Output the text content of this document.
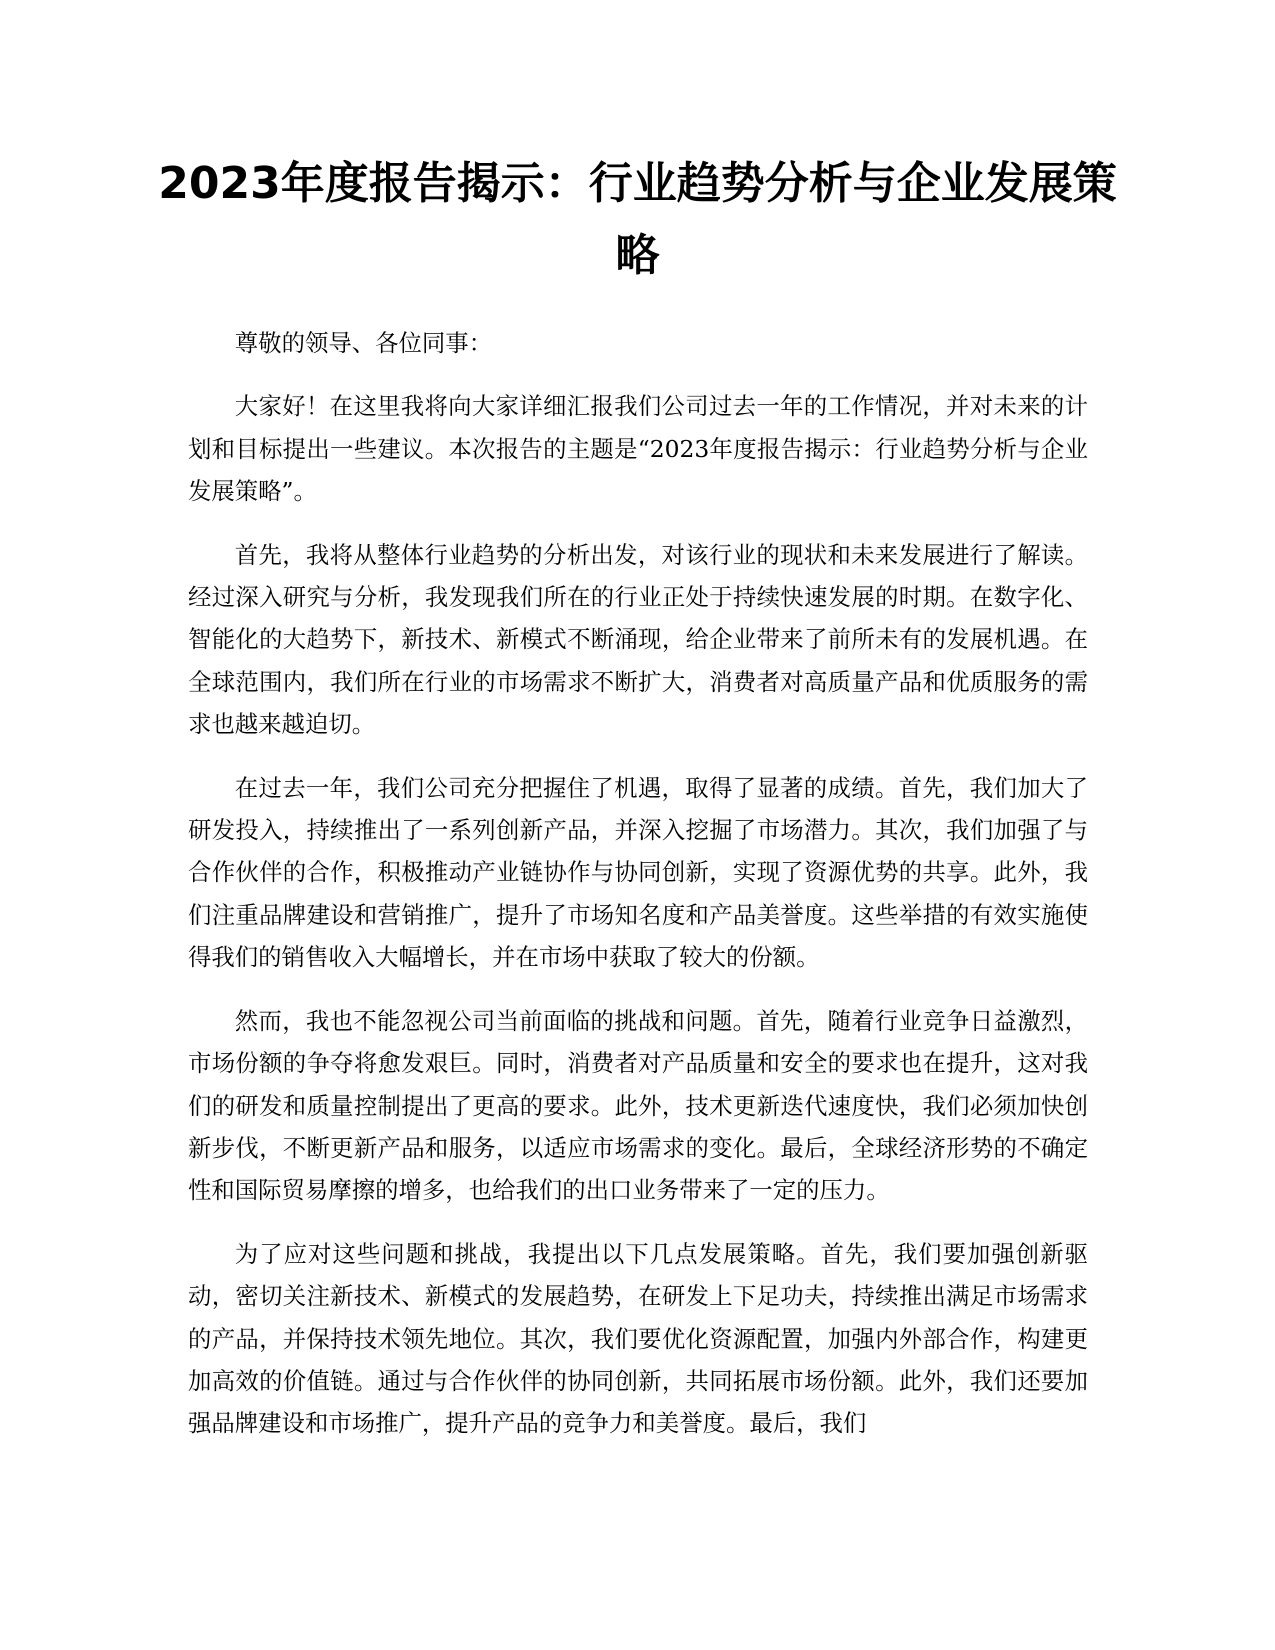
2023年度报告揭示：行业趋势分析与企业发展策略

尊敬的领导、各位同事：

大家好！在这里我将向大家详细汇报我们公司过去一年的工作情况，并对未来的计划和目标提出一些建议。本次报告的主题是“2023年度报告揭示：行业趋势分析与企业发展策略”。

首先，我将从整体行业趋势的分析出发，对该行业的现状和未来发展进行了解读。经过深入研究与分析，我发现我们所在的行业正处于持续快速发展的时期。在数字化、智能化的大趋势下，新技术、新模式不断涌现，给企业带来了前所未有的发展机遇。在全球范围内，我们所在行业的市场需求不断扩大，消费者对高质量产品和优质服务的需求也越来越迫切。

在过去一年，我们公司充分把握住了机遇，取得了显著的成绩。首先，我们加大了研发投入，持续推出了一系列创新产品，并深入挖掘了市场潜力。其次，我们加强了与合作伙伴的合作，积极推动产业链协作与协同创新，实现了资源优势的共享。此外，我们注重品牌建设和营销推广，提升了市场知名度和产品美誉度。这些举措的有效实施使得我们的销售收入大幅增长，并在市场中获取了较大的份额。

然而，我也不能忽视公司当前面临的挑战和问题。首先，随着行业竞争日益激烈，市场份额的争夺将愈发艰巨。同时，消费者对产品质量和安全的要求也在提升，这对我们的研发和质量控制提出了更高的要求。此外，技术更新迭代速度快，我们必须加快创新步伐，不断更新产品和服务，以适应市场需求的变化。最后，全球经济形势的不确定性和国际贸易摩擦的增多，也给我们的出口业务带来了一定的压力。

为了应对这些问题和挑战，我提出以下几点发展策略。首先，我们要加强创新驱动，密切关注新技术、新模式的发展趋势，在研发上下足功夫，持续推出满足市场需求的产品，并保持技术领先地位。其次，我们要优化资源配置，加强内外部合作，构建更加高效的价值链。通过与合作伙伴的协同创新，共同拓展市场份额。此外，我们还要加强品牌建设和市场推广，提升产品的竞争力和美誉度。最后，我们
